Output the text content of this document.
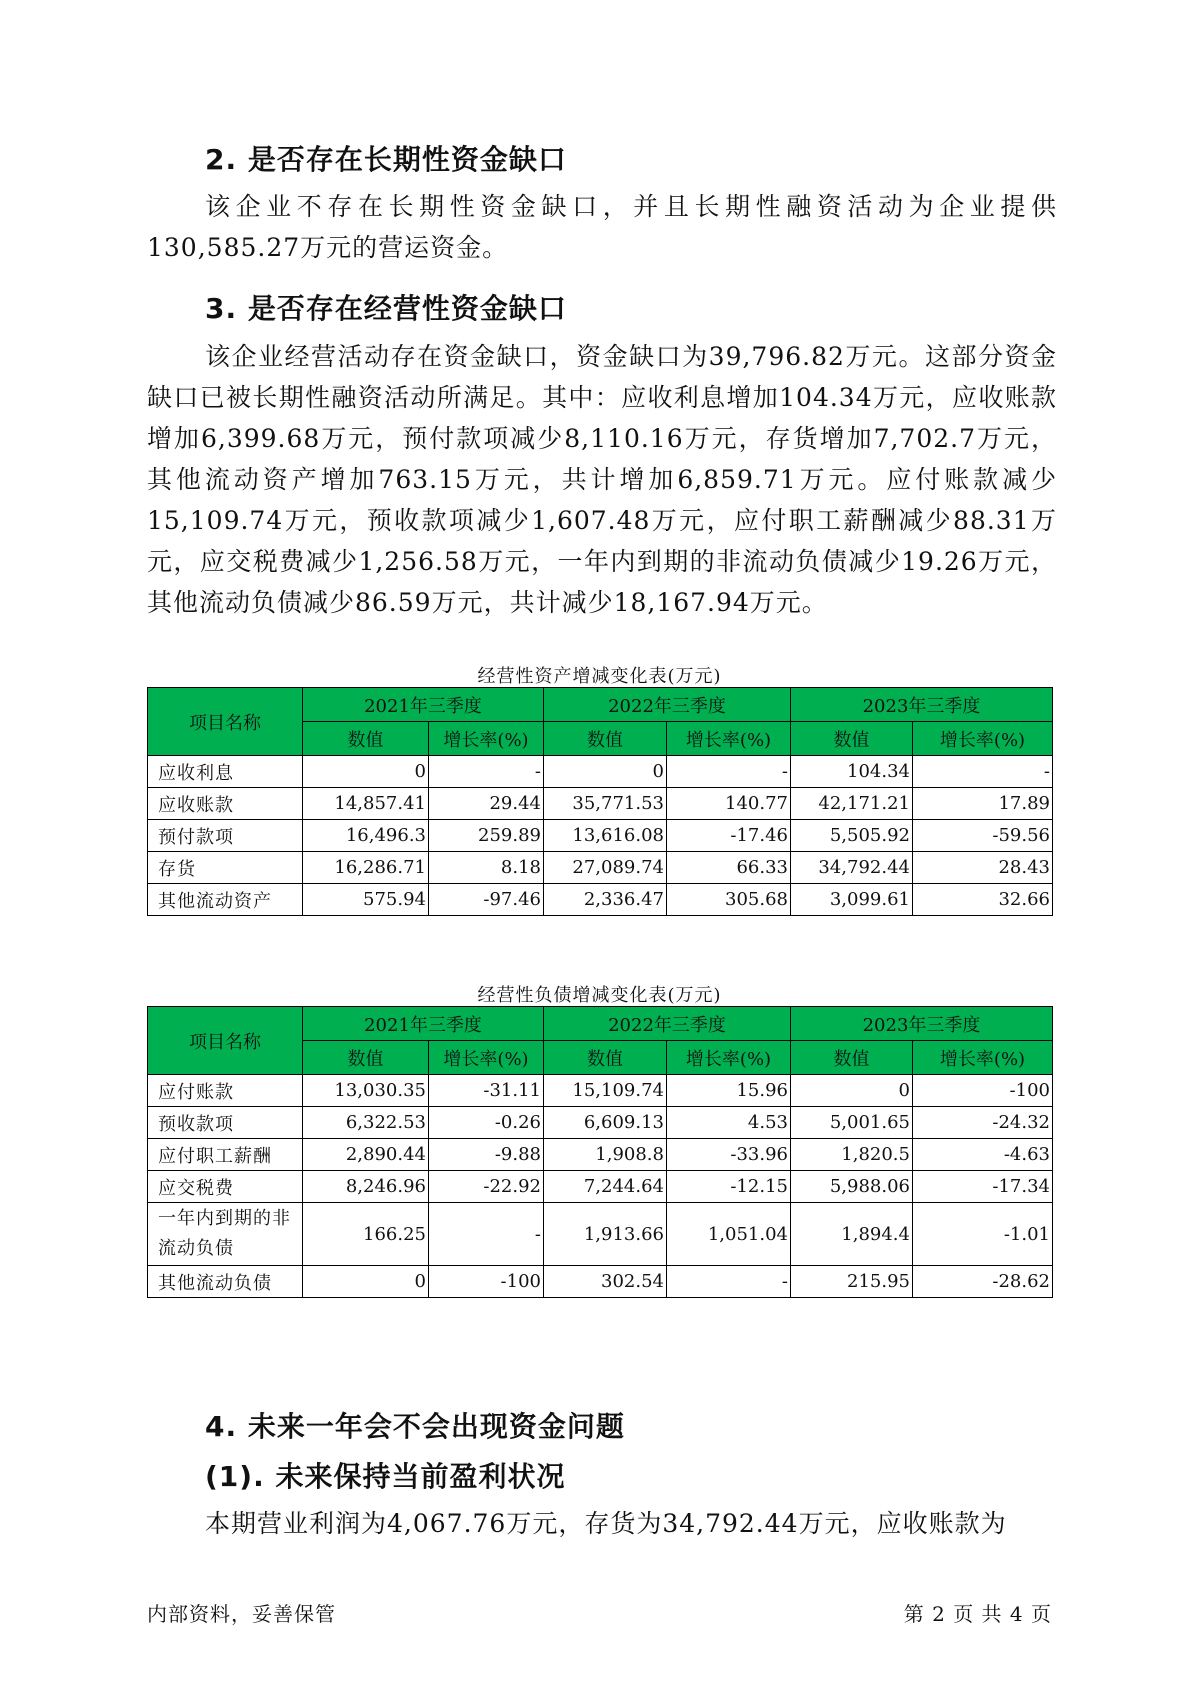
2. 是否存在长期性资金缺口

该企业不存在长期性资金缺口，并且长期性融资活动为企业提供130,585.27万元的营运资金。

3. 是否存在经营性资金缺口

该企业经营活动存在资金缺口，资金缺口为39,796.82万元。这部分资金缺口已被长期性融资活动所满足。其中：应收利息增加104.34万元，应收账款增加6,399.68万元，预付款项减少8,110.16万元，存货增加7,702.7万元，其他流动资产增加763.15万元，共计增加6,859.71万元。应付账款减少15,109.74万元，预收款项减少1,607.48万元，应付职工薪酬减少88.31万元，应交税费减少1,256.58万元，一年内到期的非流动负债减少19.26万元，其他流动负债减少86.59万元，共计减少18,167.94万元。

经营性资产增减变化表(万元)
项目名称	2021年三季度		2022年三季度		2023年三季度	
	数值	增长率(%)	数值	增长率(%)	数值	增长率(%)
应收利息	0	-	0	-	104.34	-
应收账款	14,857.41	29.44	35,771.53	140.77	42,171.21	17.89
预付款项	16,496.3	259.89	13,616.08	-17.46	5,505.92	-59.56
存货	16,286.71	8.18	27,089.74	66.33	34,792.44	28.43
其他流动资产	575.94	-97.46	2,336.47	305.68	3,099.61	32.66
经营性负债增减变化表(万元)
项目名称	2021年三季度		2022年三季度		2023年三季度	
	数值	增长率(%)	数值	增长率(%)	数值	增长率(%)
应付账款	13,030.35	-31.11	15,109.74	15.96	0	-100
预收款项	6,322.53	-0.26	6,609.13	4.53	5,001.65	-24.32
应付职工薪酬	2,890.44	-9.88	1,908.8	-33.96	1,820.5	-4.63
应交税费	8,246.96	-22.92	7,244.64	-12.15	5,988.06	-17.34
一年内到期的非流动负债	166.25	-	1,913.66	1,051.04	1,894.4	-1.01
其他流动负债	0	-100	302.54	-	215.95	-28.62
4. 未来一年会不会出现资金问题
(1). 未来保持当前盈利状况

本期营业利润为4,067.76万元，存货为34,792.44万元，应收账款为

内部资料，妥善保管	第 2 页 共 4 页
